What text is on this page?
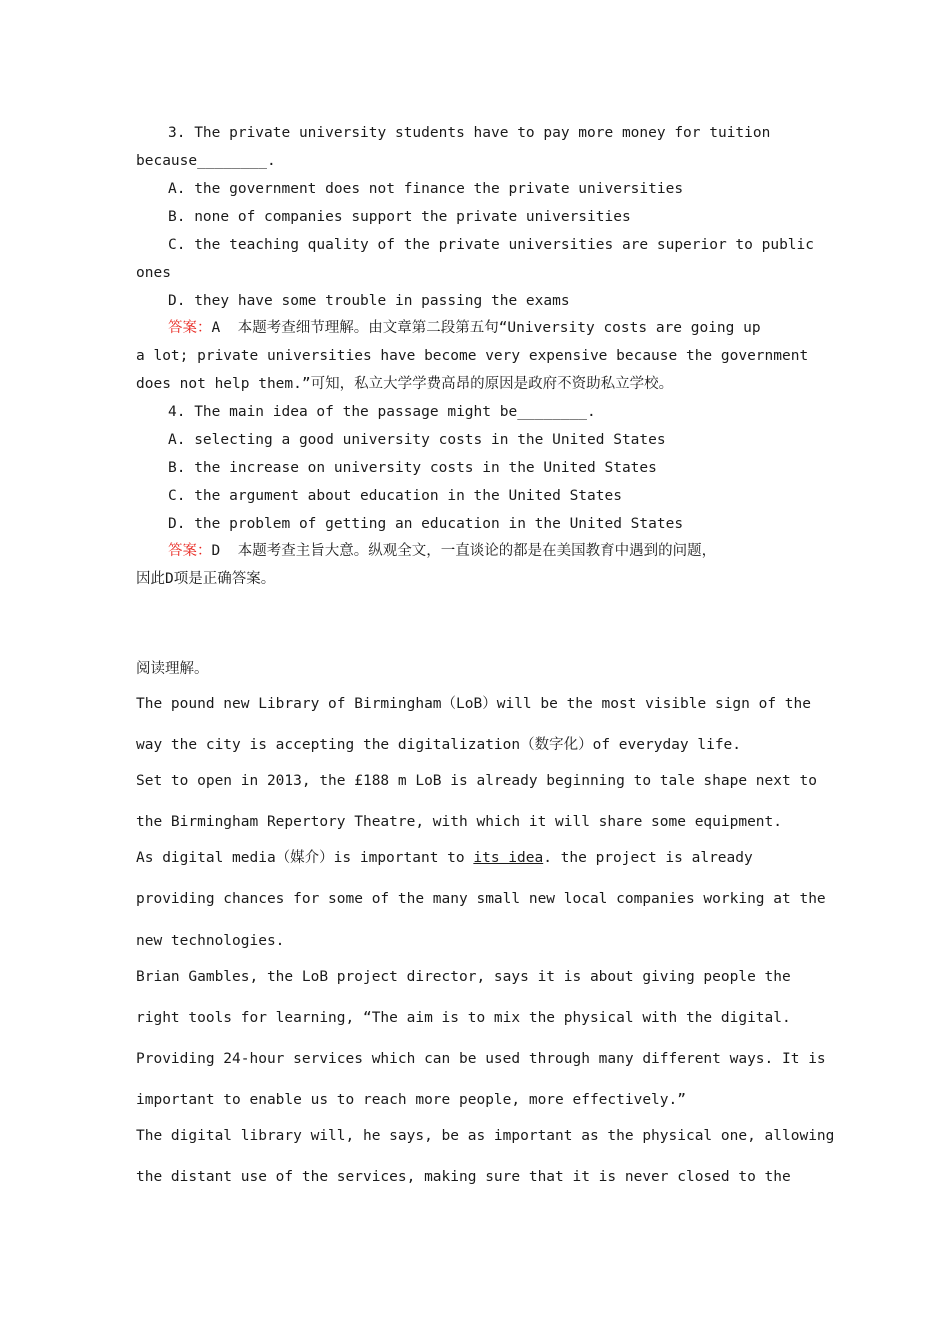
3. The private university students have to pay more money for tuition
because________.
A. the government does not finance the private universities
B. none of companies support the private universities
C. the teaching quality of the private universities are superior to public
ones
D. they have some trouble in passing the exams
答案：A  本题考查细节理解。由文章第二段第五句“University costs are going up
a lot; private universities have become very expensive because the government
does not help them.”可知，私立大学学费高昂的原因是政府不资助私立学校。
4. The main idea of the passage might be________.
A. selecting a good university costs in the United States
B. the increase on university costs in the United States
C. the argument about education in the United States
D. the problem of getting an education in the United States
答案：D  本题考查主旨大意。纵观全文，一直谈论的都是在美国教育中遇到的问题，
因此D项是正确答案。
阅读理解。
The pound new Library of Birmingham（LoB）will be the most visible sign of the
way the city is accepting the digitalization（数字化）of everyday life.
Set to open in 2013, the £188 m LoB is already beginning to tale shape next to
the Birmingham Repertory Theatre, with which it will share some equipment.
As digital media（媒介）is important to its idea. the project is already
providing chances for some of the many small new local companies working at the
new technologies.
Brian Gambles, the LoB project director, says it is about giving people the
right tools for learning, “The aim is to mix the physical with the digital.
Providing 24-hour services which can be used through many different ways. It is
important to enable us to reach more people, more effectively.”
The digital library will, he says, be as important as the physical one, allowing
the distant use of the services, making sure that it is never closed to the
